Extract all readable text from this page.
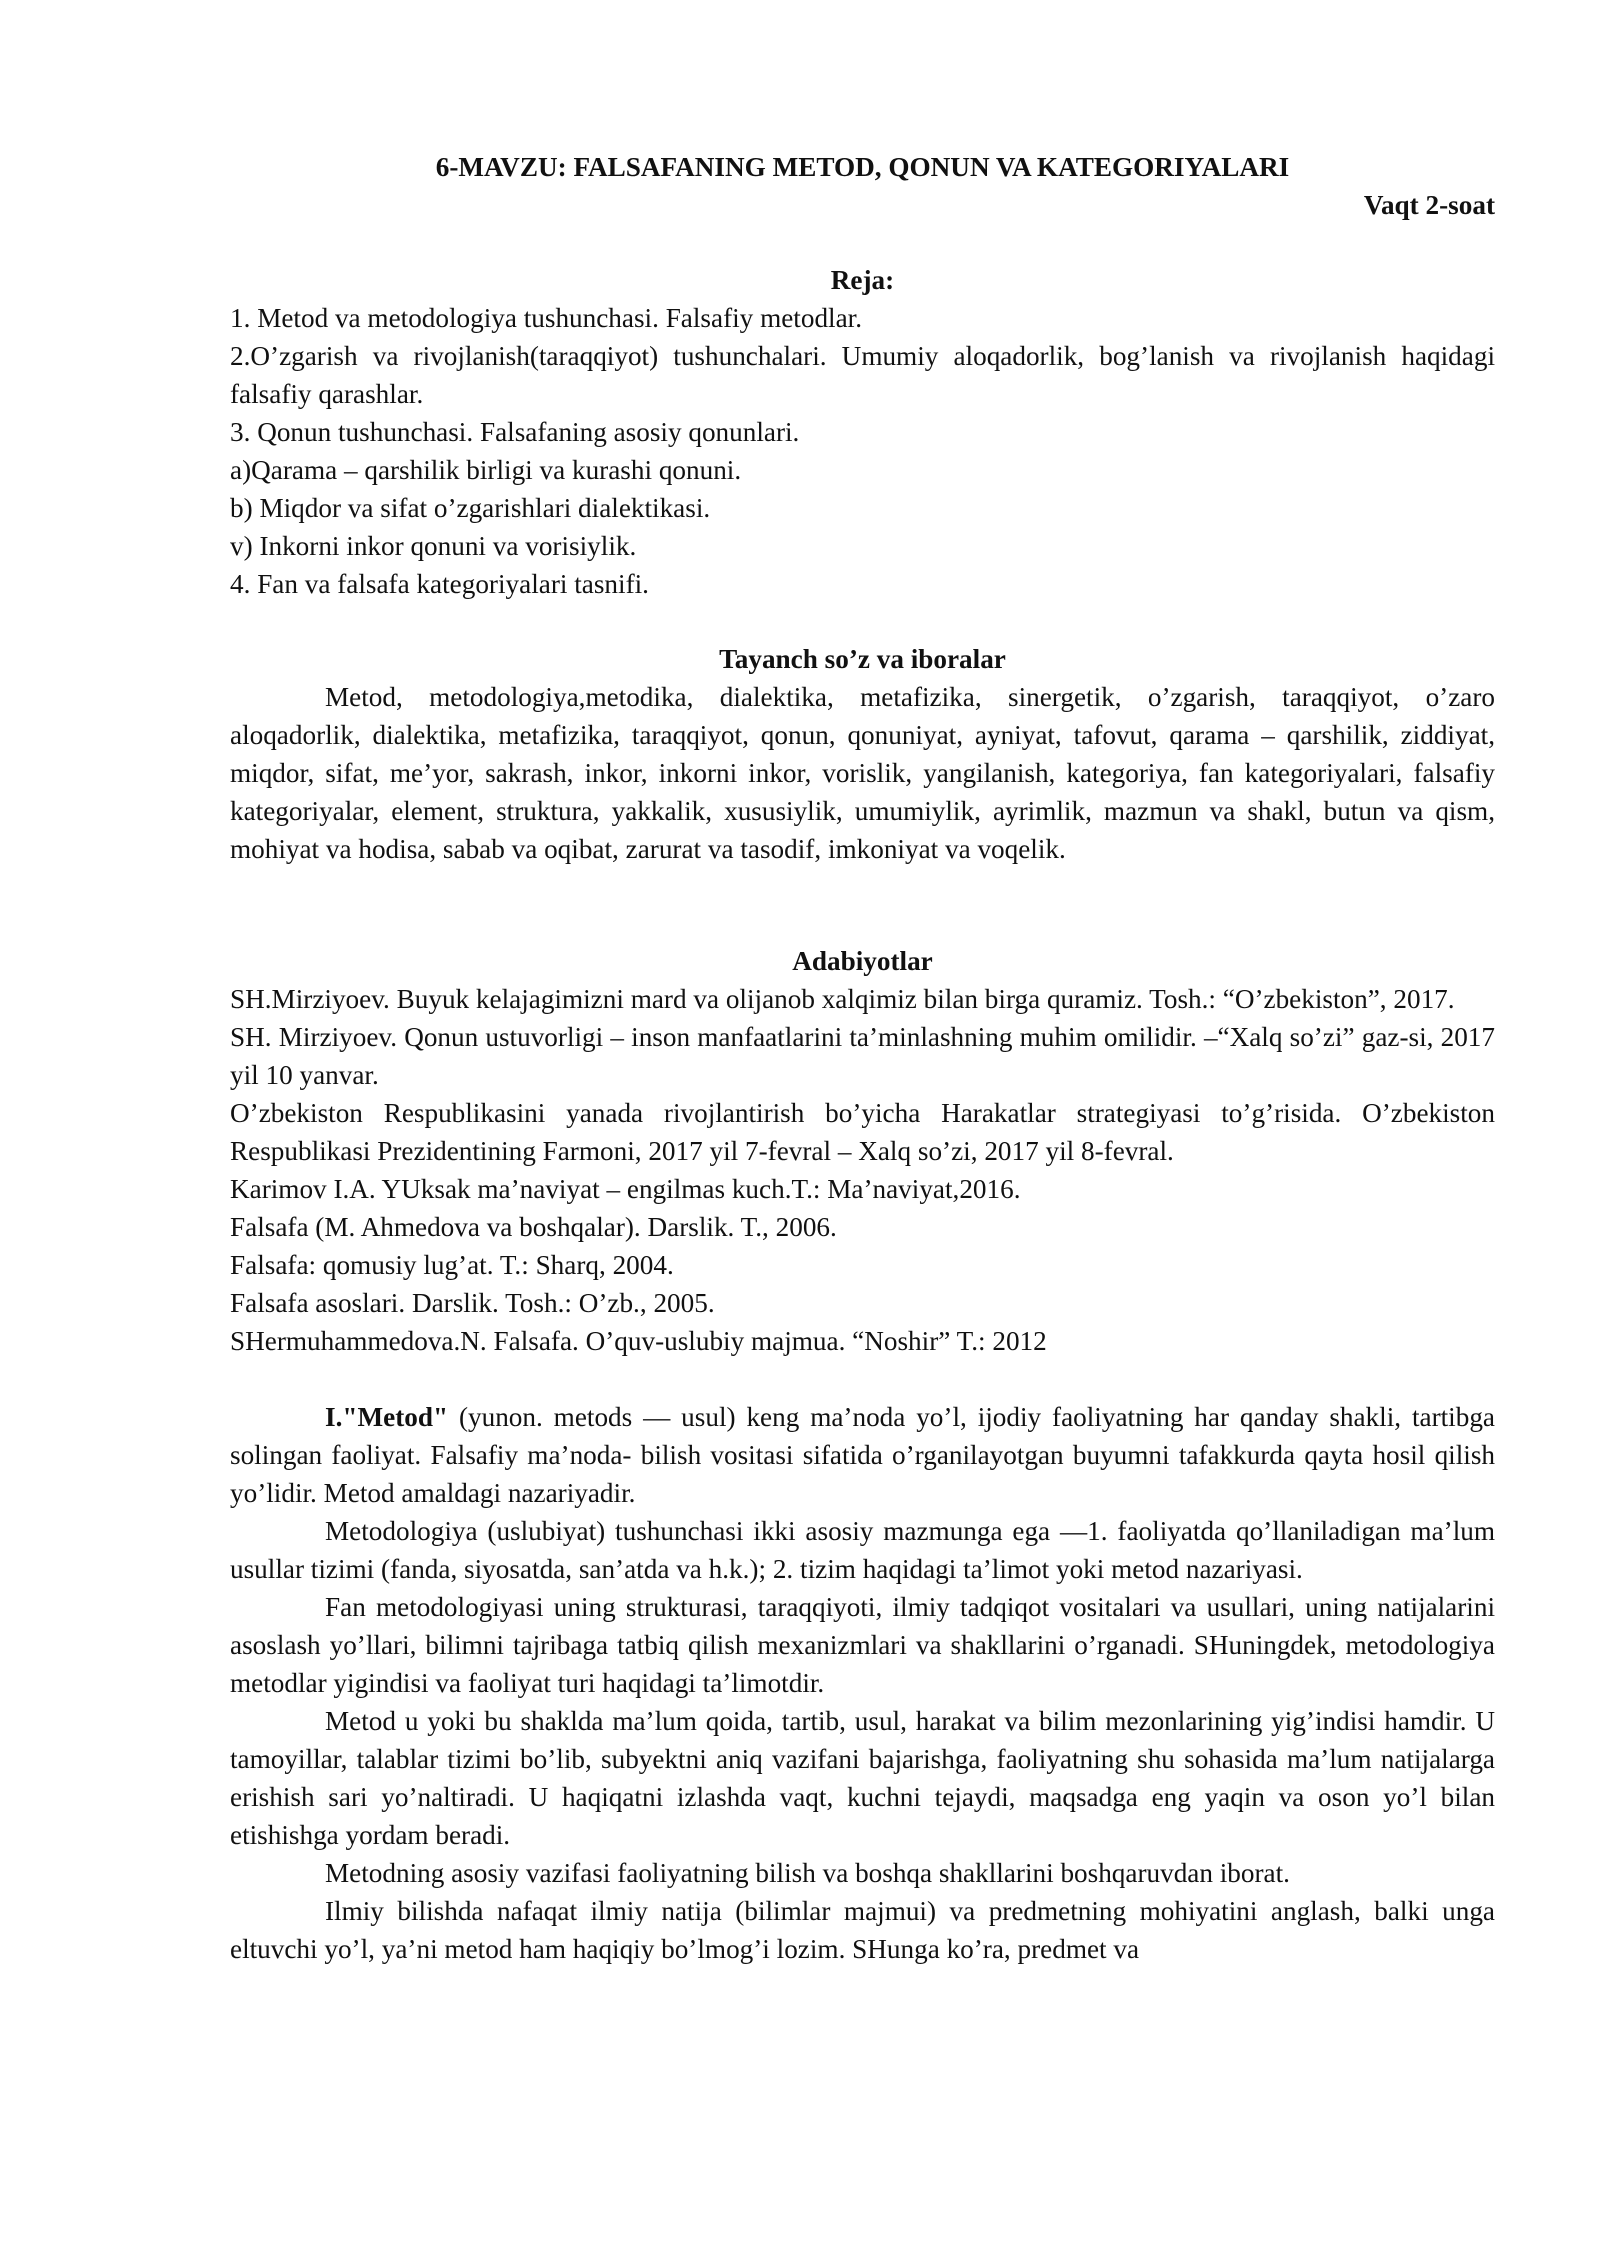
6-MAVZU: FALSAFANING METOD, QONUN VA KATEGORIYALARI

Vaqt 2-soat

Reja:

1. Metod va metodologiya tushunchasi. Falsafiy metodlar.

2.O’zgarish va rivojlanish(taraqqiyot) tushunchalari. Umumiy aloqadorlik, bog’lanish va rivojlanish haqidagi falsafiy qarashlar.

3. Qonun tushunchasi. Falsafaning asosiy qonunlari.

a)Qarama – qarshilik birligi va kurashi qonuni.

b) Miqdor va sifat o’zgarishlari dialektikasi.

v) Inkorni inkor qonuni va vorisiylik.

4. Fan va falsafa kategoriyalari tasnifi.

Tayanch so’z va iboralar

Metod, metodologiya,metodika, dialektika, metafizika, sinergetik, o’zgarish, taraqqiyot, o’zaro aloqadorlik, dialektika, metafizika, taraqqiyot, qonun, qonuniyat, ayniyat, tafovut, qarama – qarshilik, ziddiyat, miqdor, sifat, me’yor, sakrash, inkor, inkorni inkor, vorislik, yangilanish, kategoriya, fan kategoriyalari, falsafiy kategoriyalar, element, struktura, yakkalik, xususiylik, umumiylik, ayrimlik, mazmun va shakl, butun va qism, mohiyat va hodisa, sabab va oqibat, zarurat va tasodif, imkoniyat va voqelik.

Adabiyotlar

SH.Mirziyoev. Buyuk kelajagimizni mard va olijanob xalqimiz bilan birga quramiz. Tosh.: “O’zbekiston”, 2017.

SH. Mirziyoev. Qonun ustuvorligi – inson manfaatlarini ta’minlashning muhim omilidir. –“Xalq so’zi” gaz-si, 2017 yil 10 yanvar.

O’zbekiston Respublikasini yanada rivojlantirish bo’yicha Harakatlar strategiyasi to’g’risida. O’zbekiston Respublikasi Prezidentining Farmoni, 2017 yil 7-fevral – Xalq so’zi, 2017 yil 8-fevral.

Karimov I.A. YUksak ma’naviyat – engilmas kuch.T.: Ma’naviyat,2016.

Falsafa (M. Ahmedova va boshqalar). Darslik. T., 2006.

Falsafa: qomusiy lug’at. T.: Sharq, 2004.

Falsafa asoslari. Darslik. Tosh.: O’zb., 2005.

SHermuhammedova.N. Falsafa. O’quv-uslubiy majmua. “Noshir” T.: 2012

I."Metod" (yunon. metods — usul) keng ma’noda yo’l, ijodiy faoliyatning har qanday shakli, tartibga solingan faoliyat. Falsafiy ma’noda- bilish vositasi sifatida o’rganilayotgan buyumni tafakkurda qayta hosil qilish yo’lidir. Metod amaldagi nazariyadir.

Metodologiya (uslubiyat) tushunchasi ikki asosiy mazmunga ega —1. faoliyatda qo’llaniladigan ma’lum usullar tizimi (fanda, siyosatda, san’atda va h.k.); 2. tizim haqidagi ta’limot yoki metod nazariyasi.

Fan metodologiyasi uning strukturasi, taraqqiyoti, ilmiy tadqiqot vositalari va usullari, uning natijalarini asoslash yo’llari, bilimni tajribaga tatbiq qilish mexanizmlari va shakllarini o’rganadi. SHuningdek, metodologiya metodlar yigindisi va faoliyat turi haqidagi ta’limotdir.

Metod u yoki bu shaklda ma’lum qoida, tartib, usul, harakat va bilim mezonlarining yig’indisi hamdir. U tamoyillar, talablar tizimi bo’lib, subyektni aniq vazifani bajarishga, faoliyatning shu sohasida ma’lum natijalarga erishish sari yo’naltiradi. U haqiqatni izlashda vaqt, kuchni tejaydi, maqsadga eng yaqin va oson yo’l bilan etishishga yordam beradi.

Metodning asosiy vazifasi faoliyatning bilish va boshqa shakllarini boshqaruvdan iborat.

Ilmiy bilishda nafaqat ilmiy natija (bilimlar majmui) va predmetning mohiyatini anglash, balki unga eltuvchi yo’l, ya’ni metod ham haqiqiy bo’lmog’i lozim. SHunga ko’ra, predmet va
